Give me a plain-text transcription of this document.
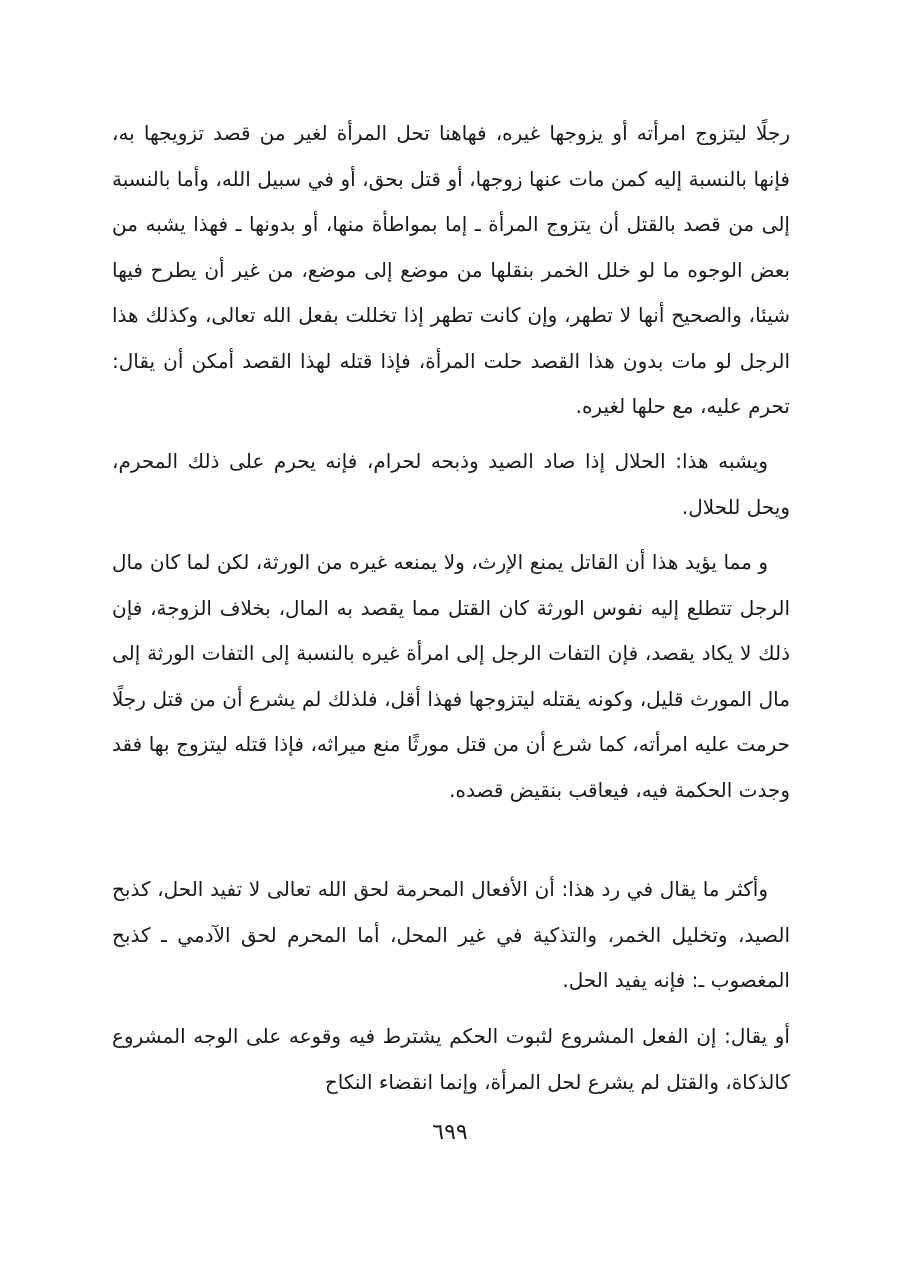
رجلًا ليتزوج امرأته أو يزوجها غيره، فهاهنا تحل المرأة لغير من قصد تزويجها به، فإنها بالنسبة إليه كمن مات عنها زوجها، أو قتل بحق، أو في سبيل الله، وأما بالنسبة إلى من قصد بالقتل أن يتزوج المرأة ـ إما بمواطأة منها، أو بدونها ـ فهذا يشبه من بعض الوجوه ما لو خلل الخمر بنقلها من موضع إلى موضع، من غير أن يطرح فيها شيئا، والصحيح أنها لا تطهر، وإن كانت تطهر إذا تخللت بفعل الله تعالى، وكذلك هذا الرجل لو مات بدون هذا القصد حلت المرأة، فإذا قتله لهذا القصد أمكن أن يقال: تحرم عليه، مع حلها لغيره.

ويشبه هذا: الحلال إذا صاد الصيد وذبحه لحرام، فإنه يحرم على ذلك المحرم، ويحل للحلال.

و مما يؤيد هذا أن القاتل يمنع الإرث، ولا يمنعه غيره من الورثة، لكن لما كان مال الرجل تتطلع إليه نفوس الورثة كان القتل مما يقصد به المال، بخلاف الزوجة، فإن ذلك لا يكاد يقصد، فإن التفات الرجل إلى امرأة غيره بالنسبة إلى التفات الورثة إلى مال المورث قليل، وكونه يقتله ليتزوجها فهذا أقل، فلذلك لم يشرع أن من قتل رجلًا حرمت عليه امرأته، كما شرع أن من قتل مورثًا منع ميراثه، فإذا قتله ليتزوج بها فقد وجدت الحكمة فيه، فيعاقب بنقيض قصده.

وأكثر ما يقال في رد هذا: أن الأفعال المحرمة لحق الله تعالى لا تفيد الحل، كذبح الصيد، وتخليل الخمر، والتذكية في غير المحل، أما المحرم لحق الآدمي ـ كذبح المغصوب ـ: فإنه يفيد الحل.

أو يقال: إن الفعل المشروع لثبوت الحكم يشترط فيه وقوعه على الوجه المشروع كالذكاة، والقتل لم يشرع لحل المرأة، وإنما انقضاء النكاح

٦٩٩
